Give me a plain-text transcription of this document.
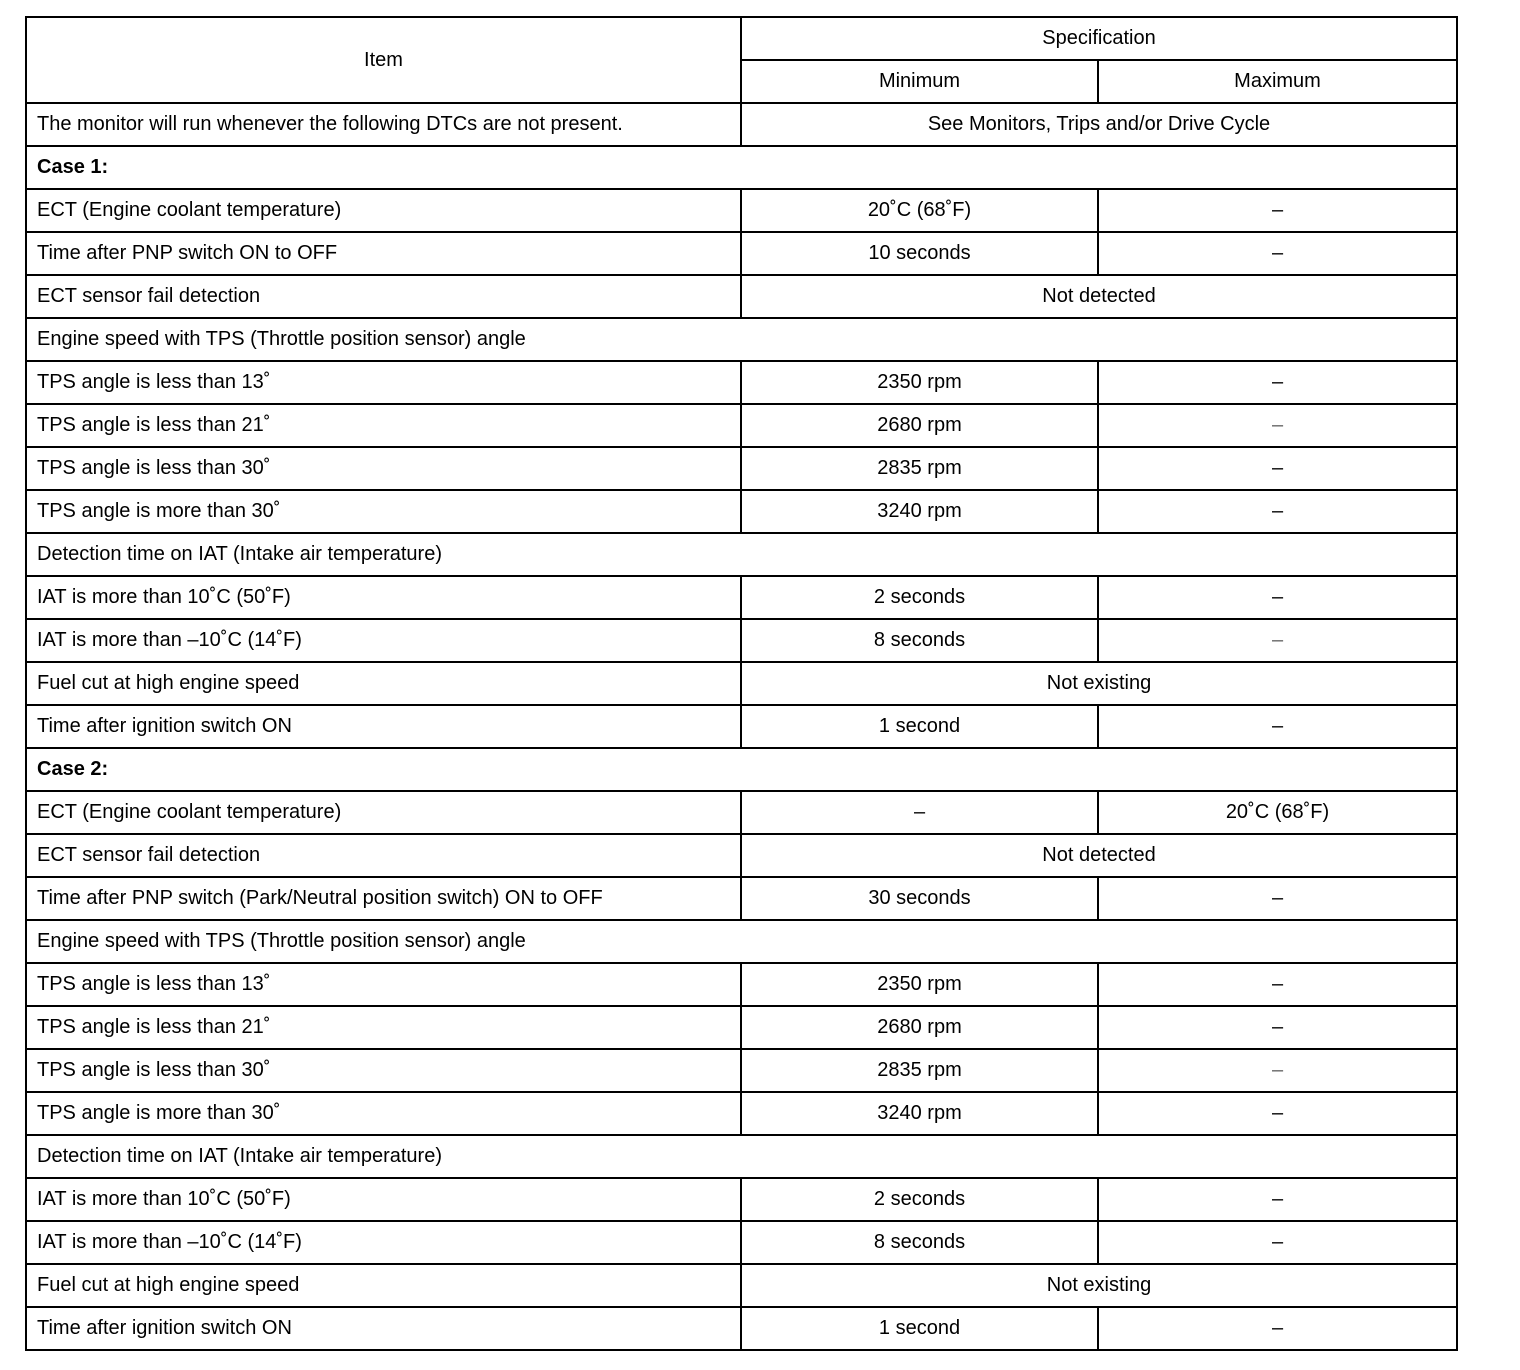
Item	Specification	
	Minimum	Maximum
The monitor will run whenever the following DTCs are not present.	See Monitors, Trips and/or Drive Cycle	
Case 1:		
ECT (Engine coolant temperature)	20˚C (68˚F)	–
Time after PNP switch ON to OFF	10 seconds	–
ECT sensor fail detection	Not detected	
Engine speed with TPS (Throttle position sensor) angle		
TPS angle is less than 13˚	2350 rpm	–
TPS angle is less than 21˚	2680 rpm	–
TPS angle is less than 30˚	2835 rpm	–
TPS angle is more than 30˚	3240 rpm	–
Detection time on IAT (Intake air temperature)		
IAT is more than 10˚C (50˚F)	2 seconds	–
IAT is more than –10˚C (14˚F)	8 seconds	–
Fuel cut at high engine speed	Not existing	
Time after ignition switch ON	1 second	–
Case 2:		
ECT (Engine coolant temperature)	–	20˚C (68˚F)
ECT sensor fail detection	Not detected	
Time after PNP switch (Park/Neutral position switch) ON to OFF	30 seconds	–
Engine speed with TPS (Throttle position sensor) angle		
TPS angle is less than 13˚	2350 rpm	–
TPS angle is less than 21˚	2680 rpm	–
TPS angle is less than 30˚	2835 rpm	–
TPS angle is more than 30˚	3240 rpm	–
Detection time on IAT (Intake air temperature)		
IAT is more than 10˚C (50˚F)	2 seconds	–
IAT is more than –10˚C (14˚F)	8 seconds	–
Fuel cut at high engine speed	Not existing	
Time after ignition switch ON	1 second	–
